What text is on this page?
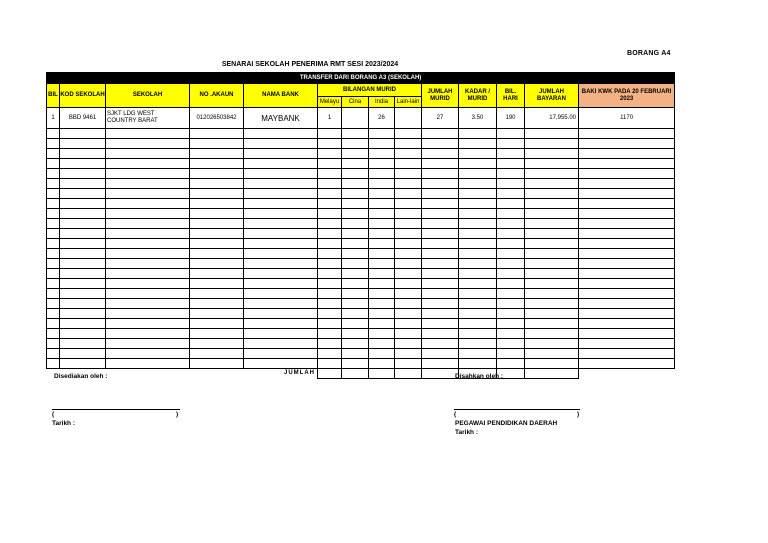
BORANG A4
SENARAI SEKOLAH PENERIMA RMT SESI 2023/2024
TRANSFER DARI BORANG A3 (SEKOLAH)													
BIL	KOD SEKOLAH	SEKOLAH	NO .AKAUN	NAMA BANK	BILANGAN MURID				JUMLAH MURID	KADAR / MURID	BIL. HARI	JUMLAH BAYARAN	BAKI KWK PADA 20 FEBRUARI 2023
					Melayu	Cina	India	Lain-lain					
1	BBD 9461	SJKT LDG WEST
COUNTRY BARAT	012026503842	MAYBANK	1		26		27	3.50	190	17,955.00	1170

JUMLAH													
Disediakan oleh :	Disahkan oleh :
(	)	(	)
Tarikh :	PEGAWAI PENDIDIKAN DAERAH
Tarikh :
